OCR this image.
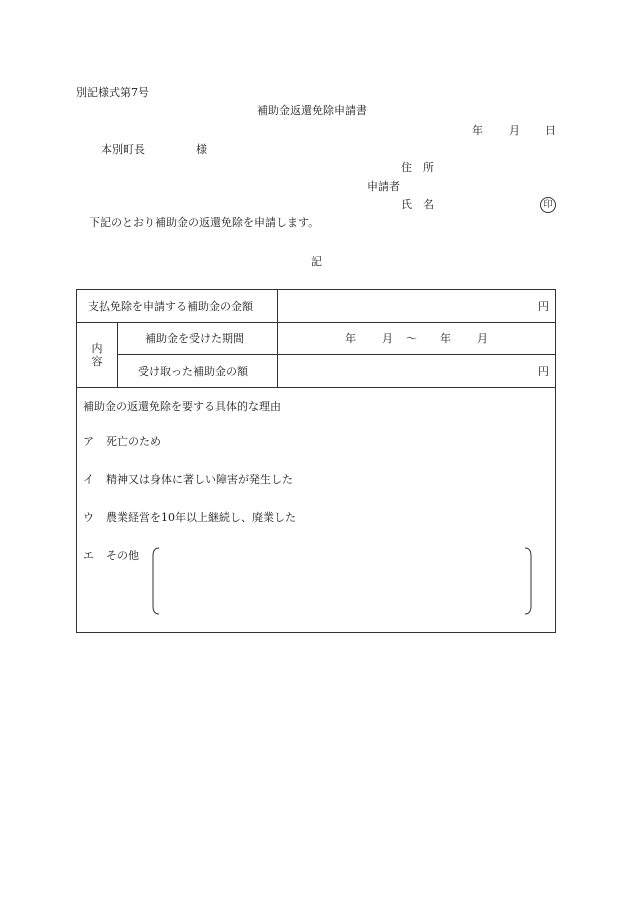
別記様式第7号
補助金返還免除申請書
年 月 日
本別町長	様
住　所
申請者
氏　名	印
下記のとおり補助金の返還免除を申請します。
記
支払免除を申請する補助金の金額	円
内
容
補助金を受けた期間	年 月 〜 年 月
受け取った補助金の額	円
補助金の返還免除を要する具体的な理由
ア 死亡のため
イ 精神又は身体に著しい障害が発生した
ウ 農業経営を10年以上継続し、廃業した
エ その他
